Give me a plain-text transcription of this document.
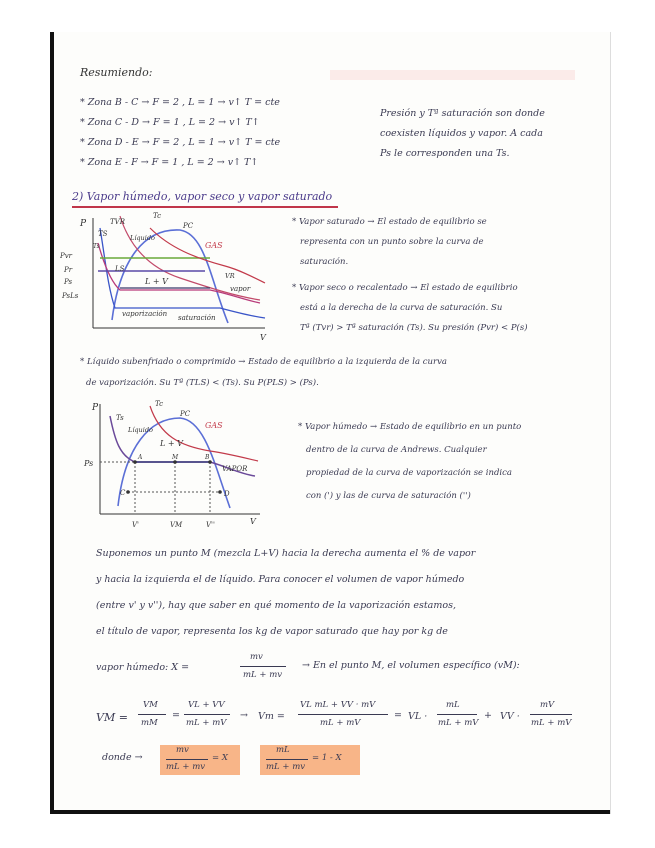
Resumiendo:
* Zona B - C → F = 2 , L = 1 → v↑ T = cte
* Zona C - D → F = 1 , L = 2 → v↑ T↑
* Zona D - E → F = 2 , L = 1 → v↑ T = cte
* Zona E - F → F = 1 , L = 2 → v↑ T↑
Presión y Tª saturación son donde
coexisten líquidos y vapor. A cada
Ps le corresponden una Ts.
2) Vapor húmedo, vapor seco y vapor saturado
P	TVR
Tc
PC
TS	Líquido
GAS
Ts
VR
LS
L + V
vapor
Pvr
Pr
Ps
PsLs
vaporización saturación
V
* Vapor saturado → El estado de equilibrio se
representa con un punto sobre la curva de
saturación.
* Vapor seco o recalentado → El estado de equilibrio
está a la derecha de la curva de saturación. Su
Tª (Tvr) > Tª saturación (Ts). Su presión (Pvr) < P(s)
* Líquido subenfriado o comprimido → Estado de equilibrio a la izquierda de la curva
de vaporización. Su Tª (TLS) < (Ts). Su P(PLS) > (Ps).
P	Tc
PC
Ts
Líquido	GAS
L + V
Ps
A	M	B
VAPOR
C	D
V'	VM	V''	V
* Vapor húmedo → Estado de equilibrio en un punto
dentro de la curva de Andrews. Cualquier
propiedad de la curva de vaporización se indica
con (') y las de curva de saturación ('')
Suponemos un punto M (mezcla L+V) hacia la derecha aumenta el % de vapor
y hacia la izquierda el de líquido. Para conocer el volumen de vapor húmedo
(entre v' y v''), hay que saber en qué momento de la vaporización estamos,
el título de vapor, representa los kg de vapor saturado que hay por kg de
vapor húmedo: X =
mv
mL + mv
→ En el punto M, el volumen específico (vM):
VM =
VM
mM
=
VL + VV
mL + mV
→ Vm =
VL mL + VV · mV
mL + mV
= VL ·
mL
mL + mV
+ VV ·
mV
mL + mV
donde →
mv
mL + mv
= X
mL
mL + mv
= 1 - X
